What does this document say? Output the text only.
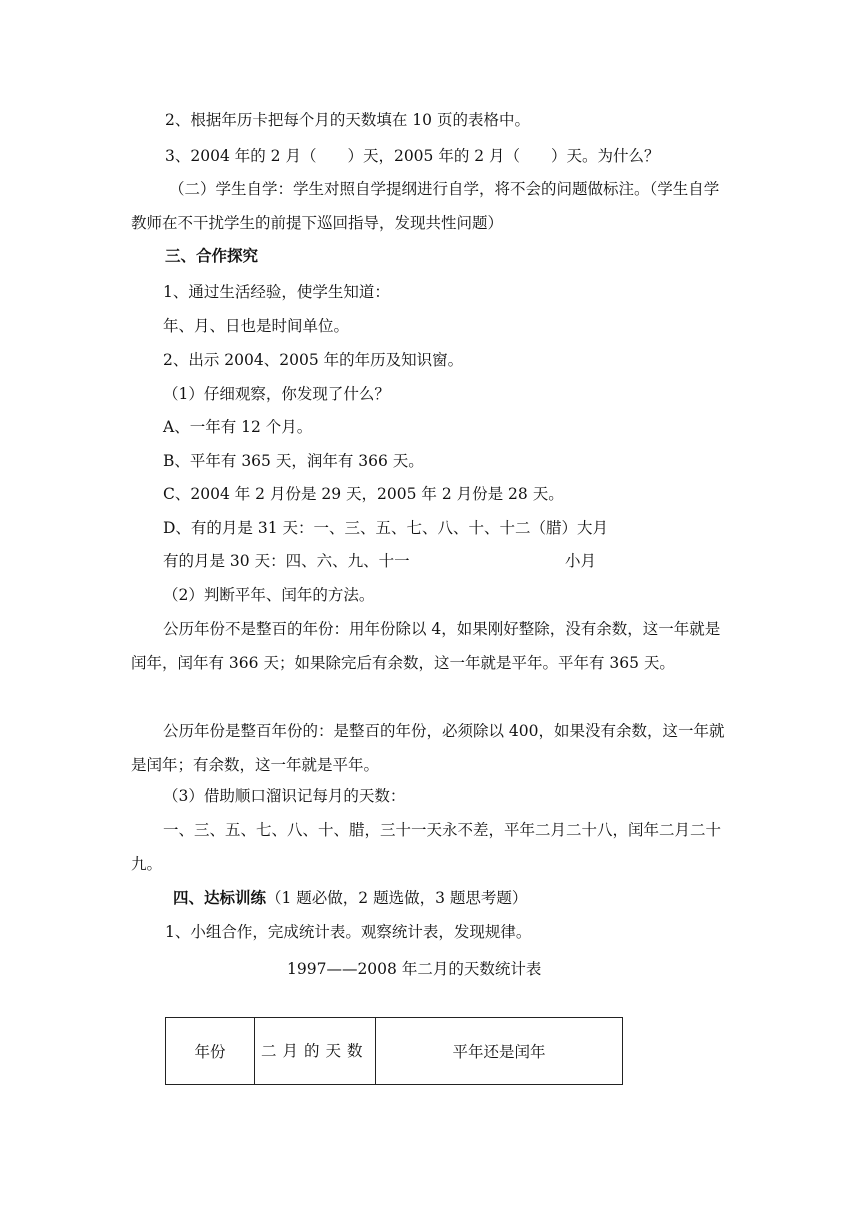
2、根据年历卡把每个月的天数填在 10 页的表格中。
3、2004 年的 2 月（　　）天，2005 年的 2 月（　　）天。为什么？
（二）学生自学：学生对照自学提纲进行自学，将不会的问题做标注。（学生自学教师在不干扰学生的前提下巡回指导，发现共性问题）
三、合作探究
1、通过生活经验，使学生知道：
年、月、日也是时间单位。
2、出示 2004、2005 年的年历及知识窗。
（1）仔细观察，你发现了什么？
A、一年有 12 个月。
B、平年有 365 天，润年有 366 天。
C、2004 年 2 月份是 29 天，2005 年 2 月份是 28 天。
D、有的月是 31 天：一、三、五、七、八、十、十二（腊）大月
有的月是 30 天：四、六、九、十一	小月
（2）判断平年、闰年的方法。
公历年份不是整百的年份：用年份除以 4，如果刚好整除，没有余数，这一年就是闰年，闰年有 366 天；如果除完后有余数，这一年就是平年。平年有 365 天。
公历年份是整百年份的：是整百的年份，必须除以 400，如果没有余数，这一年就是闰年；有余数，这一年就是平年。
（3）借助顺口溜识记每月的天数：
一、三、五、七、八、十、腊，三十一天永不差，平年二月二十八，闰年二月二十九。
四、达标训练（1 题必做，2 题选做，3 题思考题）
1、小组合作，完成统计表。观察统计表，发现规律。
1997——2008 年二月的天数统计表
年份	二月的天数	平年还是闰年
